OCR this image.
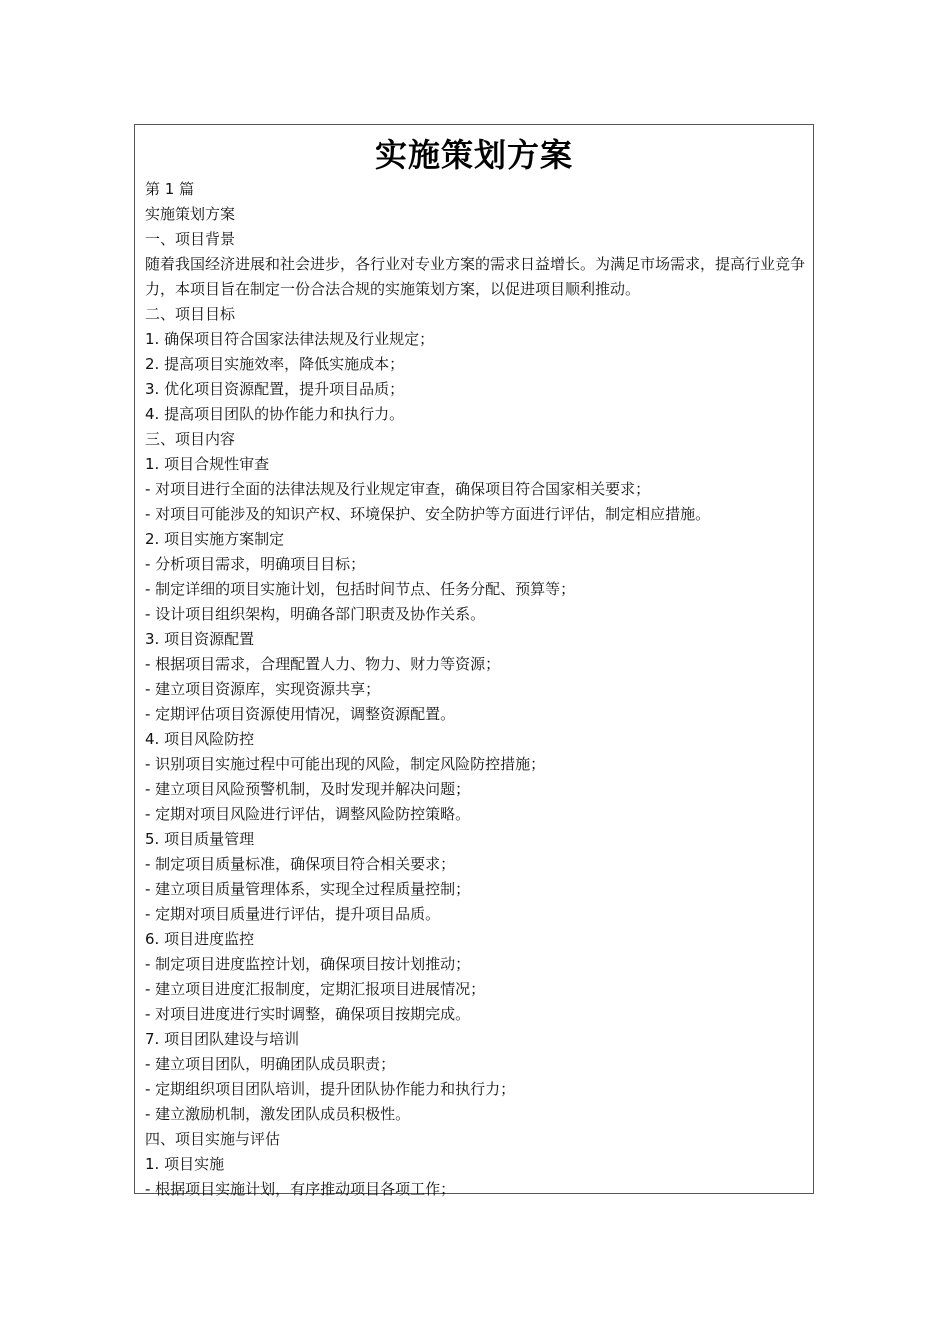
实施策划方案
第 1 篇
实施策划方案
一、项目背景
随着我国经济进展和社会进步，各行业对专业方案的需求日益增长。为满足市场需求，提高行业竞争力，本项目旨在制定一份合法合规的实施策划方案，以促进项目顺利推动。
二、项目目标
1. 确保项目符合国家法律法规及行业规定；
2. 提高项目实施效率，降低实施成本；
3. 优化项目资源配置，提升项目品质；
4. 提高项目团队的协作能力和执行力。
三、项目内容
1. 项目合规性审查
- 对项目进行全面的法律法规及行业规定审查，确保项目符合国家相关要求；
- 对项目可能涉及的知识产权、环境保护、安全防护等方面进行评估，制定相应措施。
2. 项目实施方案制定
- 分析项目需求，明确项目目标；
- 制定详细的项目实施计划，包括时间节点、任务分配、预算等；
- 设计项目组织架构，明确各部门职责及协作关系。
3. 项目资源配置
- 根据项目需求，合理配置人力、物力、财力等资源；
- 建立项目资源库，实现资源共享；
- 定期评估项目资源使用情况，调整资源配置。
4. 项目风险防控
- 识别项目实施过程中可能出现的风险，制定风险防控措施；
- 建立项目风险预警机制，及时发现并解决问题；
- 定期对项目风险进行评估，调整风险防控策略。
5. 项目质量管理
- 制定项目质量标准，确保项目符合相关要求；
- 建立项目质量管理体系，实现全过程质量控制；
- 定期对项目质量进行评估，提升项目品质。
6. 项目进度监控
- 制定项目进度监控计划，确保项目按计划推动；
- 建立项目进度汇报制度，定期汇报项目进展情况；
- 对项目进度进行实时调整，确保项目按期完成。
7. 项目团队建设与培训
- 建立项目团队，明确团队成员职责；
- 定期组织项目团队培训，提升团队协作能力和执行力；
- 建立激励机制，激发团队成员积极性。
四、项目实施与评估
1. 项目实施
- 根据项目实施计划，有序推动项目各项工作；
